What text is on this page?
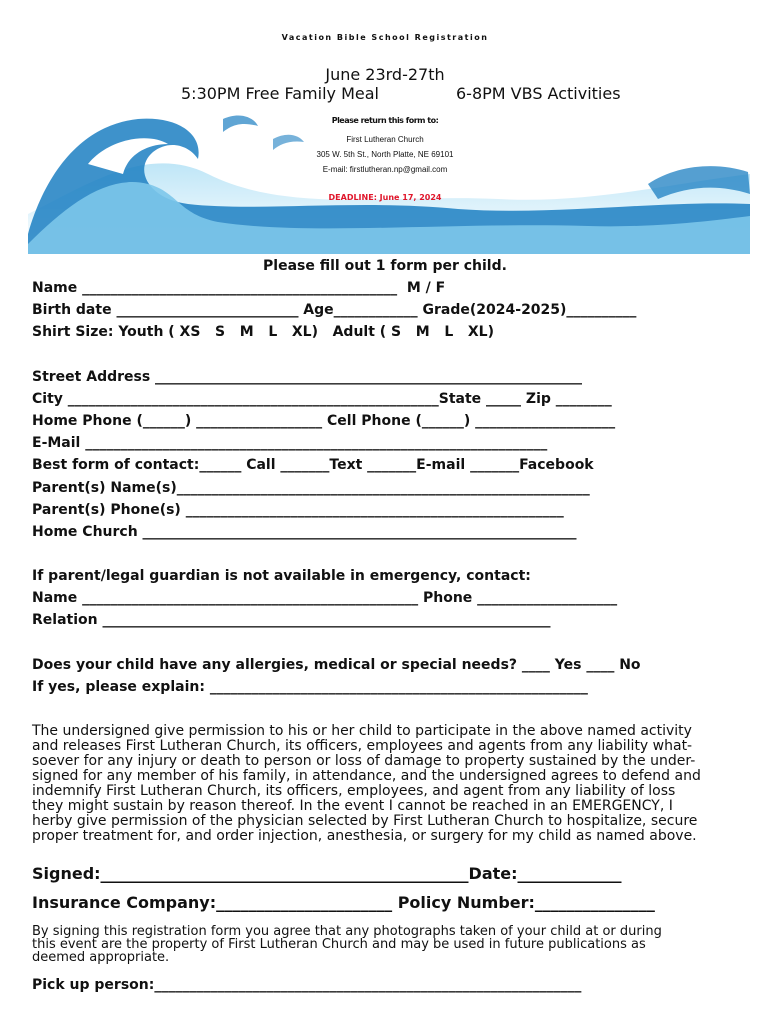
Vacation Bible School Registration
June 23rd-27th
5:30PM Free Family Meal	6-8PM VBS Activities
Please return this form to:
First Lutheran Church
305 W. 5th St., North Platte, NE 69101
E-mail: firstlutheran.np@gmail.com
DEADLINE: June 17, 2024
Please fill out 1 form per child.
Name _____________________________________________  M / F
Birth date __________________________ Age____________ Grade(2024-2025)__________
Shirt Size: Youth ( XS   S   M   L   XL)   Adult ( S   M   L   XL)
Street Address _____________________________________________________________
City _____________________________________________________State _____ Zip ________
Home Phone (______) __________________ Cell Phone (______) ____________________
E-Mail __________________________________________________________________
Best form of contact:______ Call _______Text _______E-mail _______Facebook
Parent(s) Name(s)___________________________________________________________
Parent(s) Phone(s) ______________________________________________________
Home Church ______________________________________________________________
If parent/legal guardian is not available in emergency, contact:
Name ________________________________________________ Phone ____________________
Relation ________________________________________________________________
Does your child have any allergies, medical or special needs? ____ Yes ____ No
If yes, please explain: ______________________________________________________
The undersigned give permission to his or her child to participate in the above named activity
and releases First Lutheran Church, its officers, employees and agents from any liability what-
soever for any injury or death to person or loss of damage to property sustained by the under-
signed for any member of his family, in attendance, and the undersigned agrees to defend and
indemnify First Lutheran Church, its officers, employees, and agent from any liability of loss
they might sustain by reason thereof. In the event I cannot be reached in an EMERGENCY, I
herby give permission of the physician selected by First Lutheran Church to hospitalize, secure
proper treatment for, and order injection, anesthesia, or surgery for my child as named above.
Signed:______________________________________________Date:_____________
Insurance Company:______________________ Policy Number:_______________
By signing this registration form you agree that any photographs taken of your child at or during
this event are the property of First Lutheran Church and may be used in future publications as
deemed appropriate.
Pick up person:_____________________________________________________________
